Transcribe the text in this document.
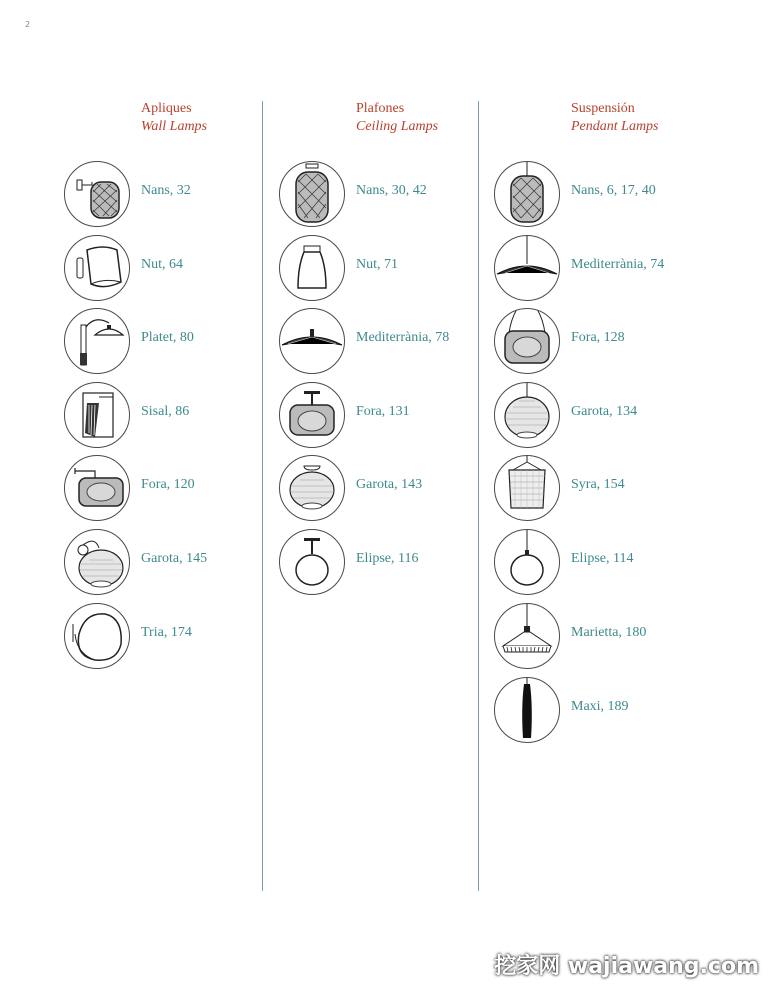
2
Apliques
Wall Lamps
Nans, 32
Nut, 64
Platet, 80
Sisal, 86
Fora, 120
Garota, 145
Tria, 174
Plafones
Ceiling Lamps
Nans, 30, 42
Nut, 71
Mediterrània, 78
Fora, 131
Garota, 143
Elipse, 116
Suspensión
Pendant Lamps
Nans, 6, 17, 40
Mediterrània, 74
Fora, 128
Garota, 134
Syra, 154
Elipse, 114
Marietta, 180
Maxi, 189
挖家网 wajiawang.com
